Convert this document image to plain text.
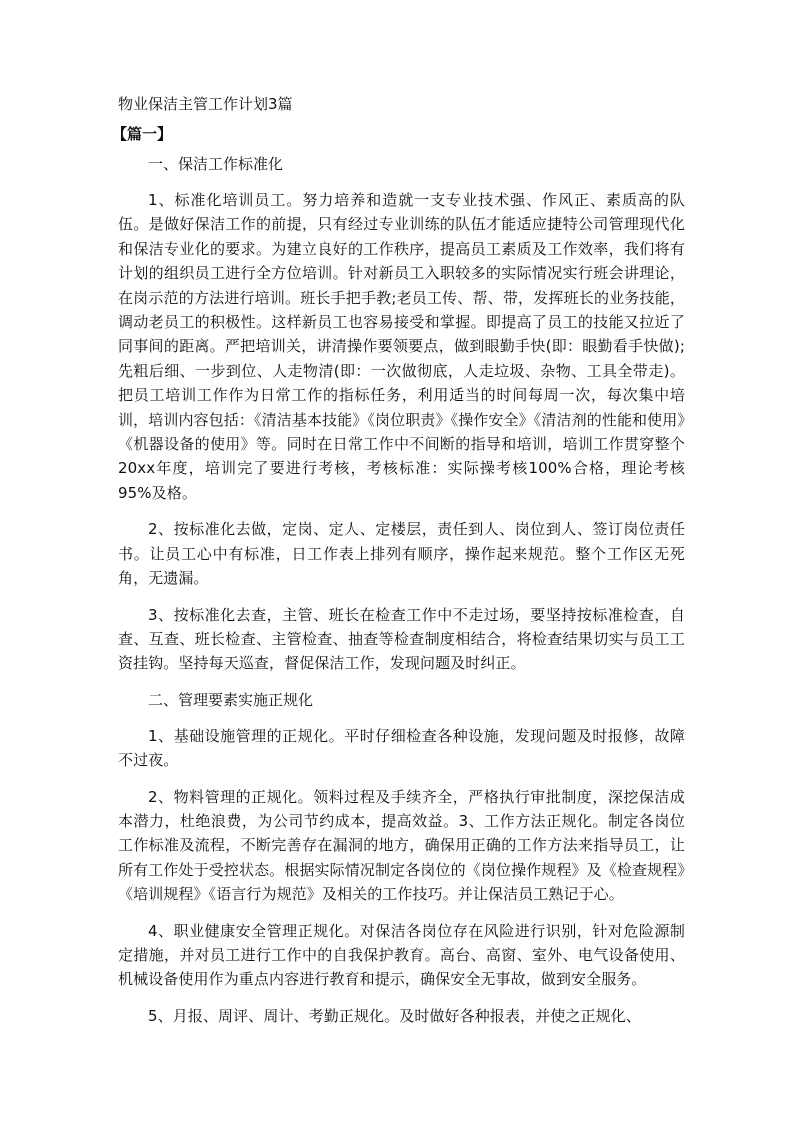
物业保洁主管工作计划3篇
【篇一】
一、保洁工作标准化

1、标准化培训员工。努力培养和造就一支专业技术强、作风正、素质高的队伍。是做好保洁工作的前提，只有经过专业训练的队伍才能适应捷特公司管理现代化和保洁专业化的要求。为建立良好的工作秩序，提高员工素质及工作效率，我们将有计划的组织员工进行全方位培训。针对新员工入职较多的实际情况实行班会讲理论，在岗示范的方法进行培训。班长手把手教;老员工传、帮、带，发挥班长的业务技能，调动老员工的积极性。这样新员工也容易接受和掌握。即提高了员工的技能又拉近了同事间的距离。严把培训关，讲清操作要领要点，做到眼勤手快(即：眼勤看手快做);先粗后细、一步到位、人走物清(即：一次做彻底，人走垃圾、杂物、工具全带走)。把员工培训工作作为日常工作的指标任务，利用适当的时间每周一次，每次集中培训，培训内容包括：《清洁基本技能》《岗位职责》《操作安全》《清洁剂的性能和使用》《机器设备的使用》等。同时在日常工作中不间断的指导和培训，培训工作贯穿整个20xx年度，培训完了要进行考核，考核标准：实际操考核100%合格，理论考核95%及格。

2、按标准化去做，定岗、定人、定楼层，责任到人、岗位到人、签订岗位责任书。让员工心中有标准，日工作表上排列有顺序，操作起来规范。整个工作区无死角，无遗漏。

3、按标准化去查，主管、班长在检查工作中不走过场，要坚持按标准检查，自查、互查、班长检查、主管检查、抽查等检查制度相结合，将检查结果切实与员工工资挂钩。坚持每天巡查，督促保洁工作，发现问题及时纠正。

二、管理要素实施正规化

1、基础设施管理的正规化。平时仔细检查各种设施，发现问题及时报修，故障不过夜。

2、物料管理的正规化。领料过程及手续齐全，严格执行审批制度，深挖保洁成本潜力，杜绝浪费，为公司节约成本，提高效益。3、工作方法正规化。制定各岗位工作标准及流程，不断完善存在漏洞的地方，确保用正确的工作方法来指导员工，让所有工作处于受控状态。根据实际情况制定各岗位的《岗位操作规程》及《检查规程》《培训规程》《语言行为规范》及相关的工作技巧。并让保洁员工熟记于心。

4、职业健康安全管理正规化。对保洁各岗位存在风险进行识别，针对危险源制定措施，并对员工进行工作中的自我保护教育。高台、高窗、室外、电气设备使用、机械设备使用作为重点内容进行教育和提示，确保安全无事故，做到安全服务。

5、月报、周评、周计、考勤正规化。及时做好各种报表，并使之正规化、
